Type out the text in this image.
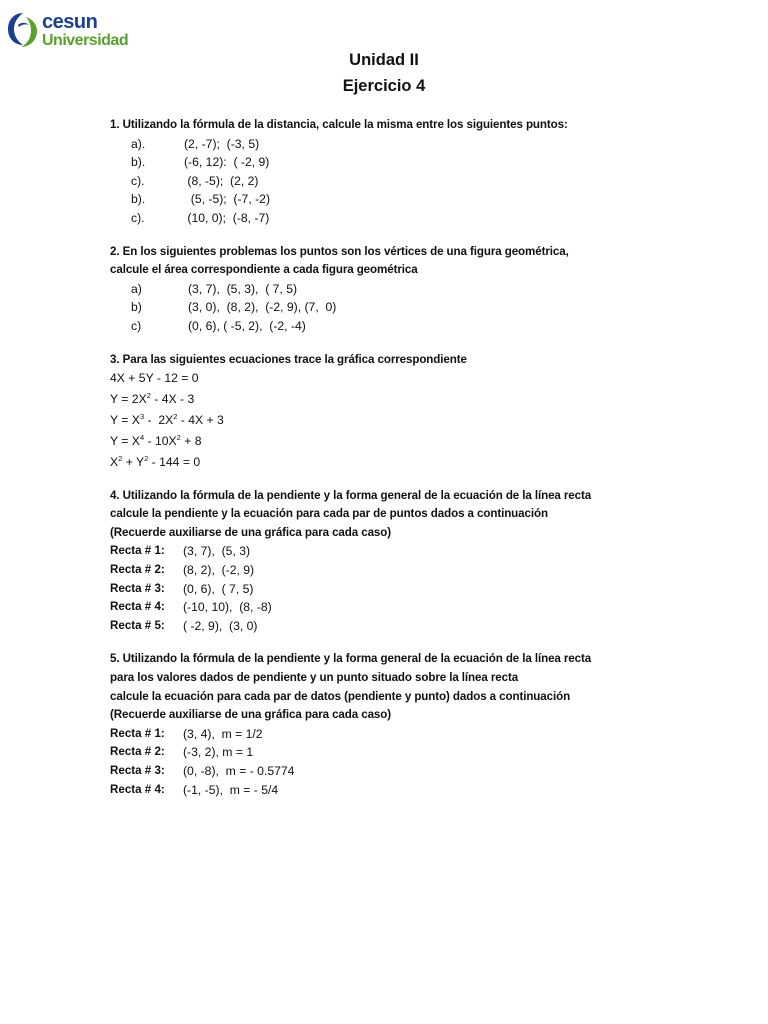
cesun
Universidad
Unidad II
Ejercicio 4
1. Utilizando la fórmula de la distancia, calcule la misma entre los siguientes puntos:
a).	(2, -7);  (-3, 5)
b).	(-6, 12):  ( -2, 9)
c).	(8, -5);  (2, 2)
b).	(5, -5);  (-7, -2)
c).	(10, 0);  (-8, -7)
2. En los siguientes problemas los puntos son los vértices de una figura geométrica,
calcule el área correspondiente a cada figura geométrica
a)	(3, 7),  (5, 3),  ( 7, 5)
b)	(3, 0),  (8, 2),  (-2, 9), (7,  0)
c)	(0, 6), ( -5, 2),  (-2, -4)
3. Para las siguientes ecuaciones trace la gráfica correspondiente
4X + 5Y - 12 = 0
$Y = 2X^2 - 4X - 3$
$Y = X^3 - 2X^2 - 4X + 3$
$Y = X^4 - 10X^2 + 8$
$X^2 + Y^2 - 144 = 0$
4. Utilizando la fórmula de la pendiente y la forma general de la ecuación de la línea recta
calcule la pendiente y la ecuación para cada par de puntos dados a continuación
(Recuerde auxiliarse de una gráfica para cada caso)
Recta # 1:	(3, 7),  (5, 3)
Recta # 2:	(8, 2),  (-2, 9)
Recta # 3:	(0, 6),  ( 7, 5)
Recta # 4:	(-10, 10),  (8, -8)
Recta # 5:	( -2, 9),  (3, 0)
5. Utilizando la fórmula de la pendiente y la forma general de la ecuación de la línea recta
para los valores dados de pendiente y un punto situado sobre la línea recta
calcule la ecuación para cada par de datos (pendiente y punto) dados a continuación
(Recuerde auxiliarse de una gráfica para cada caso)
Recta # 1:	(3, 4),  m = 1/2
Recta # 2:	(-3, 2), m = 1
Recta # 3:	(0, -8),  m = - 0.5774
Recta # 4:	(-1, -5),  m = - 5/4
